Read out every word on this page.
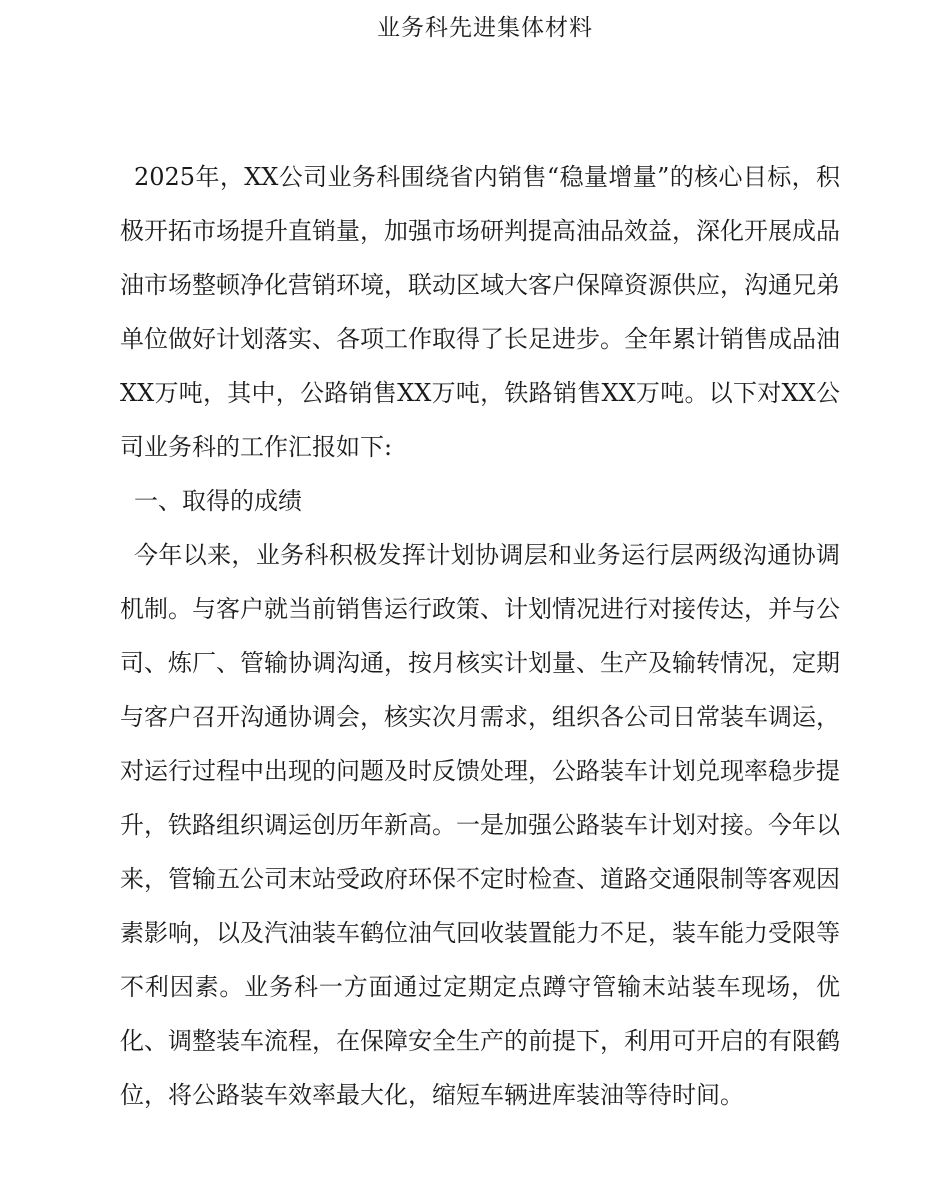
业务科先进集体材料

2025年，XX公司业务科围绕省内销售“稳量增量”的核心目标，积极开拓市场提升直销量，加强市场研判提高油品效益，深化开展成品油市场整顿净化营销环境，联动区域大客户保障资源供应，沟通兄弟单位做好计划落实、各项工作取得了长足进步。全年累计销售成品油XX万吨，其中，公路销售XX万吨，铁路销售XX万吨。以下对XX公司业务科的工作汇报如下:

一、取得的成绩

今年以来，业务科积极发挥计划协调层和业务运行层两级沟通协调机制。与客户就当前销售运行政策、计划情况进行对接传达，并与公司、炼厂、管输协调沟通，按月核实计划量、生产及输转情况，定期与客户召开沟通协调会，核实次月需求，组织各公司日常装车调运，对运行过程中出现的问题及时反馈处理，公路装车计划兑现率稳步提升，铁路组织调运创历年新高。一是加强公路装车计划对接。今年以来，管输五公司末站受政府环保不定时检查、道路交通限制等客观因素影响，以及汽油装车鹤位油气回收装置能力不足，装车能力受限等不利因素。业务科一方面通过定期定点蹲守管输末站装车现场，优化、调整装车流程，在保障安全生产的前提下，利用可开启的有限鹤位，将公路装车效率最大化，缩短车辆进库装油等待时间。
